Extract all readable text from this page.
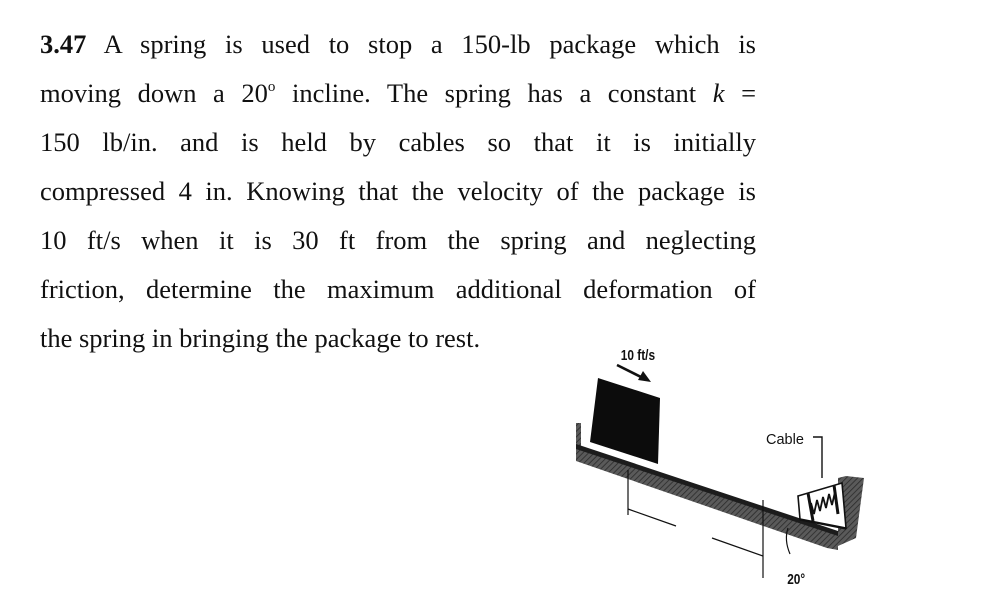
3.47 A spring is used to stop a 150-lb package which is
moving down a 20$^o$ incline. The spring has a constant k =
150 lb/in. and is held by cables so that it is initially
compressed 4 in. Knowing that the velocity of the package is
10 ft/s when it is 30 ft from the spring and neglecting
friction, determine the maximum additional deformation of
the spring in bringing the package to rest.
10 ft/s
Cable
20°
